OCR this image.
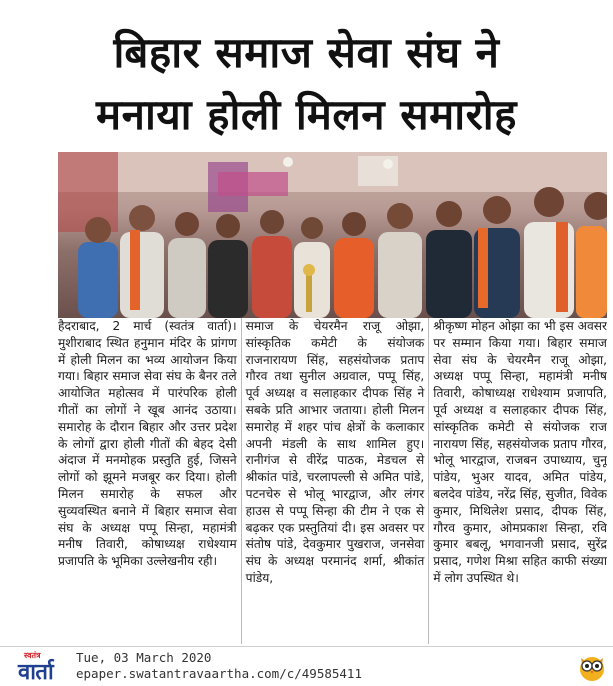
बिहार समाज सेवा संघ ने
मनाया होली मिलन समारोह
हैदराबाद, 2 मार्च (स्वतंत्र वार्ता)। मुशीराबाद स्थित हनुमान मंदिर के प्रांगण में होली मिलन का भव्य आयोजन किया गया। बिहार समाज सेवा संघ के बैनर तले आयोजित महोत्सव में पारंपरिक होली गीतों का लोगों ने खूब आनंद उठाया। समारोह के दौरान बिहार और उत्तर प्रदेश के लोगों द्वारा होली गीतों की बेहद देसी अंदाज में मनमोहक प्रस्तुति हुई, जिसने लोगों को झूमने मजबूर कर दिया। होली मिलन समारोह के सफल और सुव्यवस्थित बनाने में बिहार समाज सेवा संघ के अध्यक्ष पप्पू सिन्हा, महामंत्री मनीष तिवारी, कोषाध्यक्ष राधेश्याम प्रजापति के भूमिका उल्लेखनीय रही।
समाज के चेयरमैन राजू ओझा, सांस्कृतिक कमेटी के संयोजक राजनारायण सिंह, सहसंयोजक प्रताप गौरव तथा सुनील अग्रवाल, पप्पू सिंह, पूर्व अध्यक्ष व सलाहकार दीपक सिंह ने सबके प्रति आभार जताया। होली मिलन समारोह में शहर पांच क्षेत्रों के कलाकार अपनी मंडली के साथ शामिल हुए। रानीगंज से वीरेंद्र पाठक, मेडचल से श्रीकांत पांडे, चरलापल्ली से अमित पांडे, पटनचेरु से भोलू भारद्वाज, और लंगर हाउस से पप्पू सिन्हा की टीम ने एक से बढ़कर एक प्रस्तुतियां दी। इस अवसर पर संतोष पांडे, देवकुमार पुखराज, जनसेवा संघ के अध्यक्ष परमानंद शर्मा, श्रीकांत पांडेय,
श्रीकृष्ण मोहन ओझा का भी इस अवसर पर सम्मान किया गया। बिहार समाज सेवा संघ के चेयरमैन राजू ओझा, अध्यक्ष पप्पू सिन्हा, महामंत्री मनीष तिवारी, कोषाध्यक्ष राधेश्याम प्रजापति, पूर्व अध्यक्ष व सलाहकार दीपक सिंह, सांस्कृतिक कमेटी से संयोजक राज नारायण सिंह, सहसंयोजक प्रताप गौरव, भोलू भारद्वाज, राजबन उपाध्याय, चुनू पांडेय, भुअर यादव, अमित पांडेय, बलदेव पांडेय, नरेंद्र सिंह, सुजीत, विवेक कुमार, मिथिलेश प्रसाद, दीपक सिंह, गौरव कुमार, ओमप्रकाश सिन्हा, रवि कुमार बबलू, भगवानजी प्रसाद, सुरेंद्र प्रसाद, गणेश मिश्रा सहित काफी संख्या में लोग उपस्थित थे।
स्वतंत्र
वार्ता
Tue, 03 March 2020
epaper.swatantravaartha.com/c/49585411
